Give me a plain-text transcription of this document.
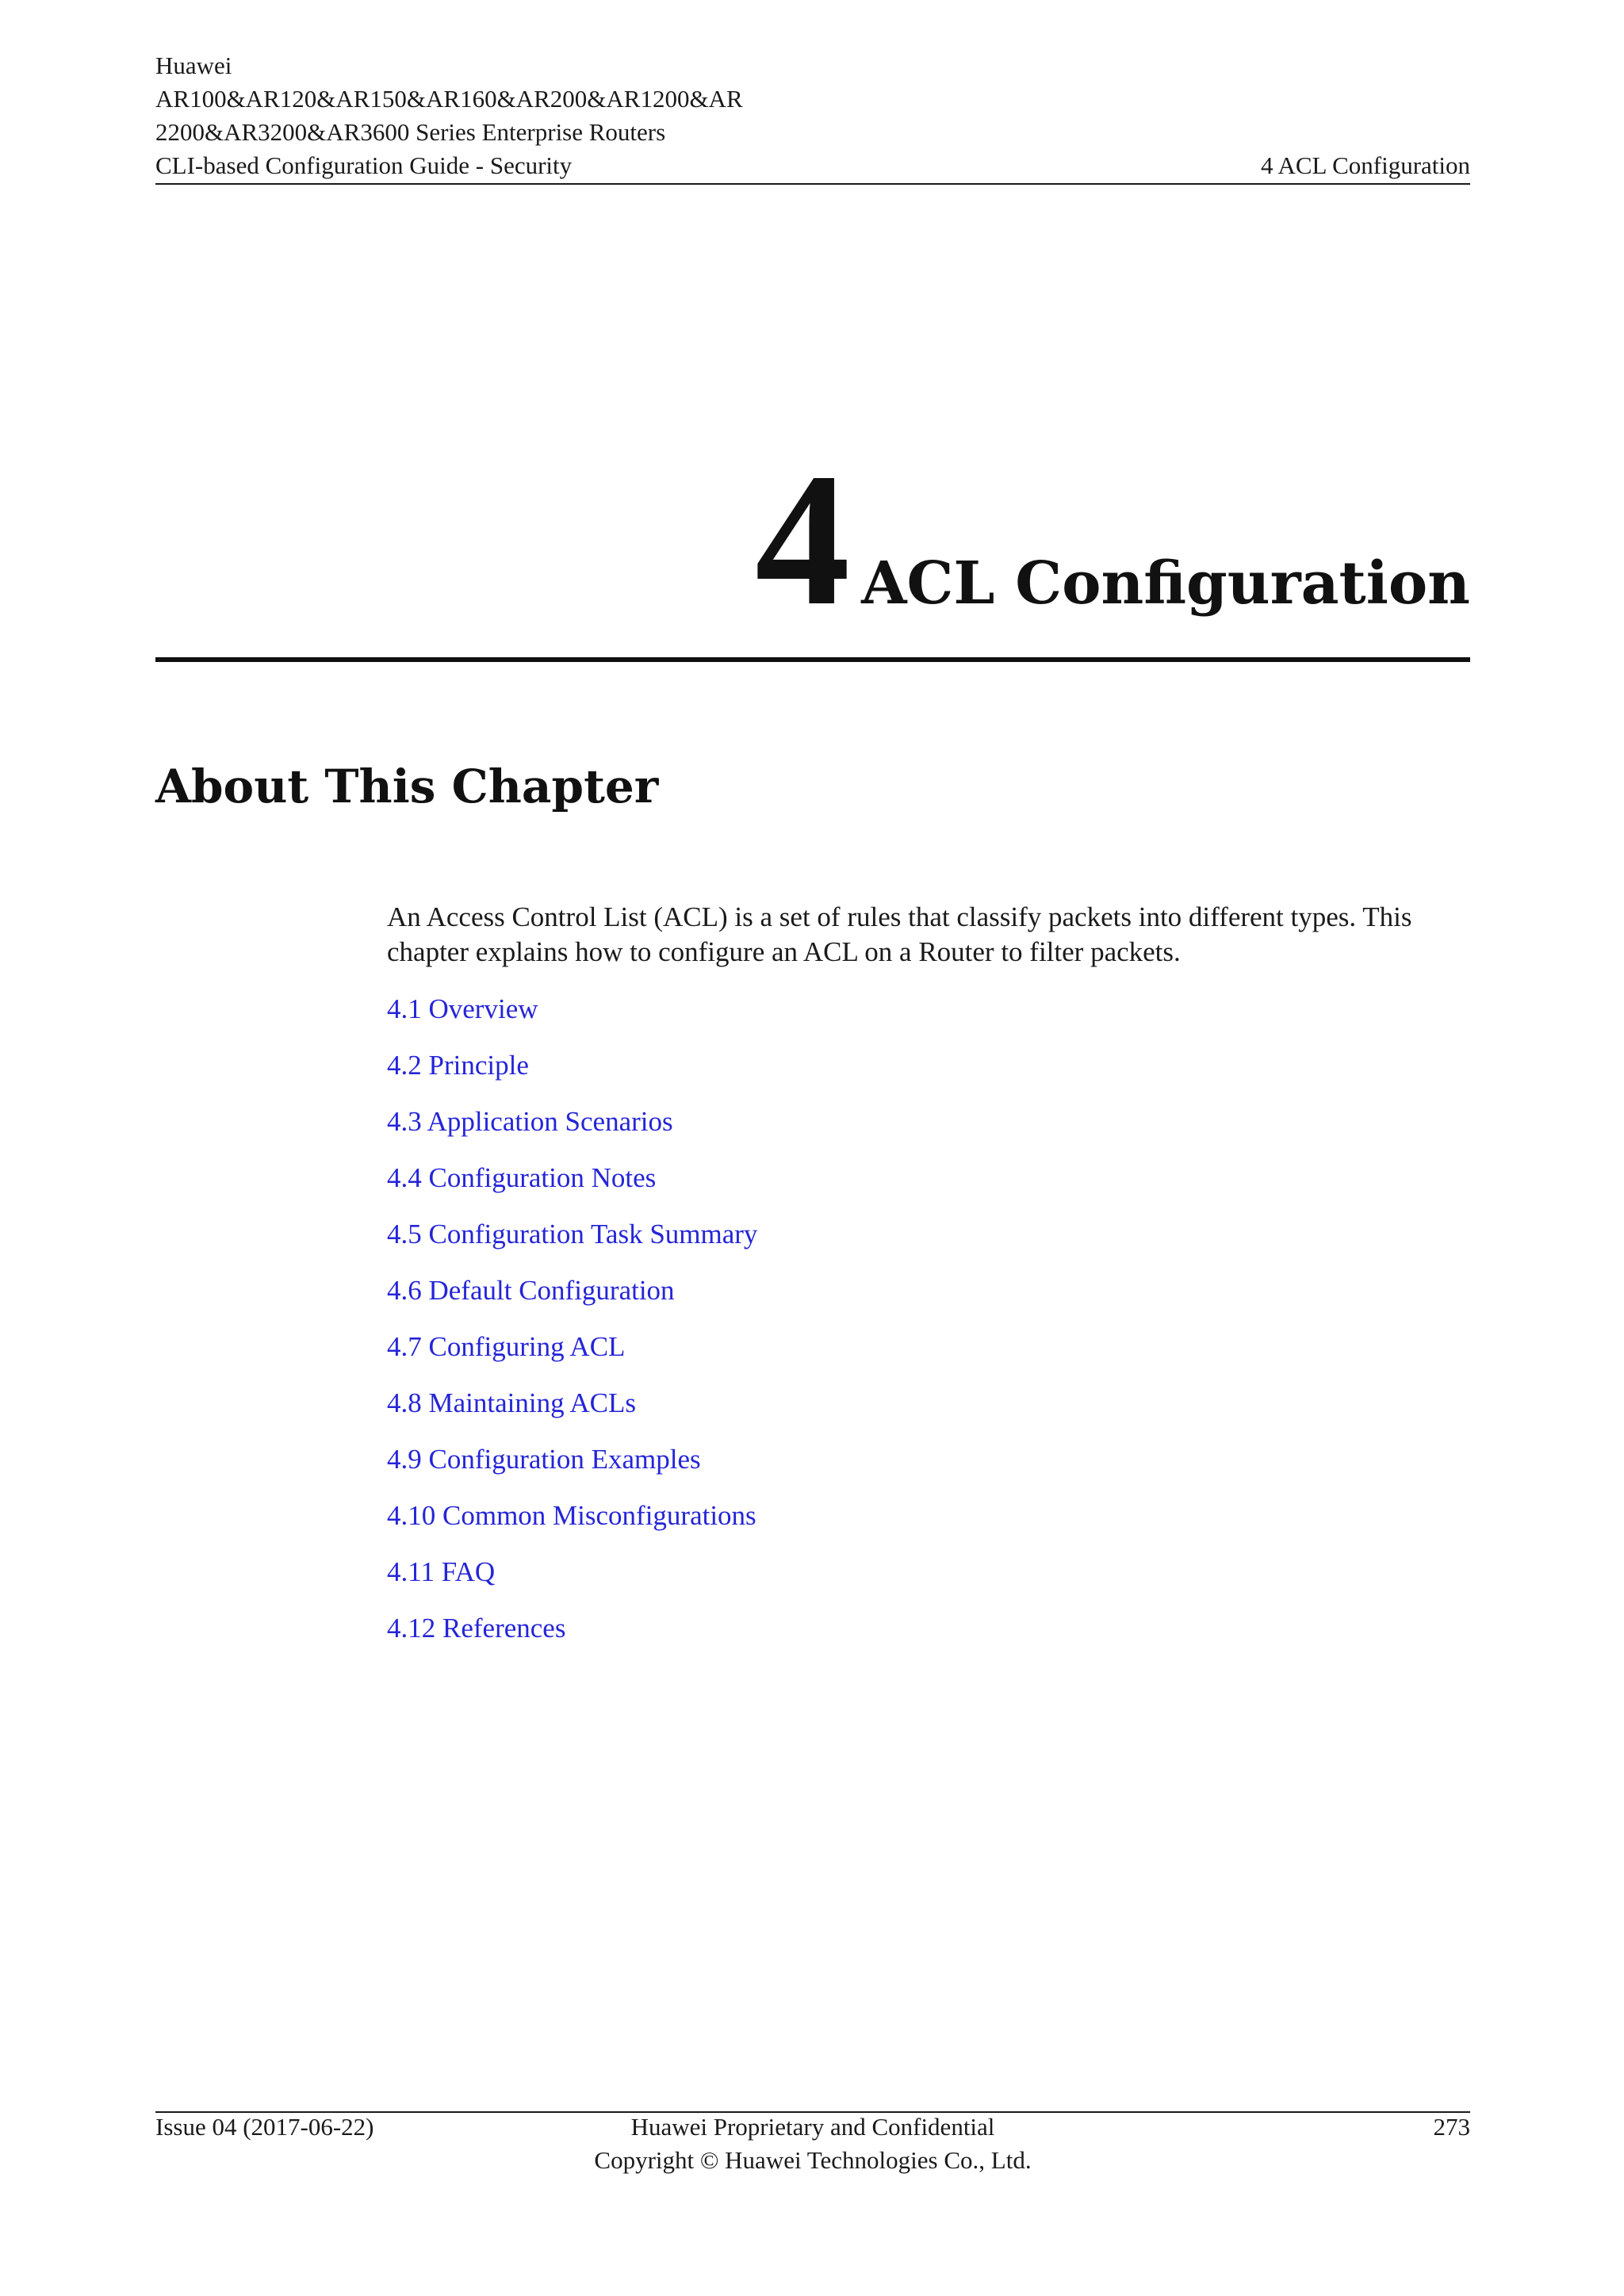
Huawei
AR100&AR120&AR150&AR160&AR200&AR1200&AR
2200&AR3200&AR3600 Series Enterprise Routers
CLI-based Configuration Guide - Security	4 ACL Configuration
4 ACL Configuration
About This Chapter
An Access Control List (ACL) is a set of rules that classify packets into different types. This chapter explains how to configure an ACL on a Router to filter packets.
4.1 Overview
4.2 Principle
4.3 Application Scenarios
4.4 Configuration Notes
4.5 Configuration Task Summary
4.6 Default Configuration
4.7 Configuring ACL
4.8 Maintaining ACLs
4.9 Configuration Examples
4.10 Common Misconfigurations
4.11 FAQ
4.12 References
Issue 04 (2017-06-22)	Huawei Proprietary and Confidential
Copyright © Huawei Technologies Co., Ltd.
273
